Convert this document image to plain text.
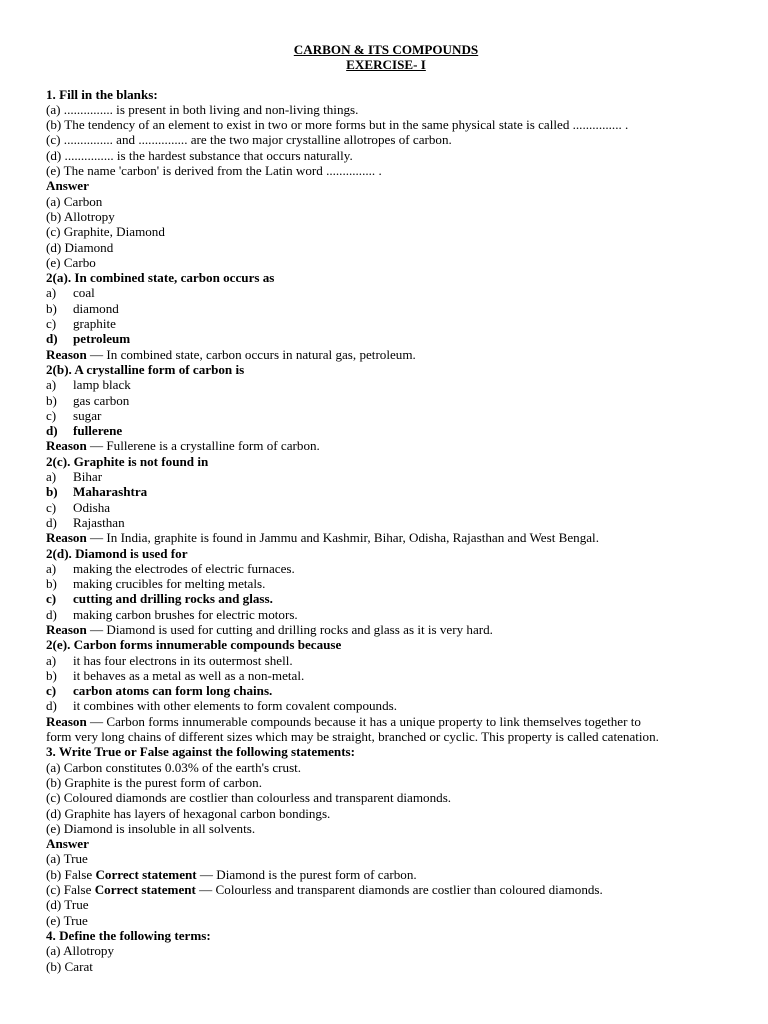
CARBON & ITS COMPOUNDS
EXERCISE- I
1. Fill in the blanks:
(a) ............... is present in both living and non-living things.
(b) The tendency of an element to exist in two or more forms but in the same physical state is called ............... .
(c) ............... and ............... are the two major crystalline allotropes of carbon.
(d) ............... is the hardest substance that occurs naturally.
(e) The name 'carbon' is derived from the Latin word ............... .
Answer
(a) Carbon
(b) Allotropy
(c) Graphite, Diamond
(d) Diamond
(e) Carbo
2(a). In combined state, carbon occurs as
a) coal
b) diamond
c) graphite
d) petroleum
Reason — In combined state, carbon occurs in natural gas, petroleum.
2(b). A crystalline form of carbon is
a) lamp black
b) gas carbon
c) sugar
d) fullerene
Reason — Fullerene is a crystalline form of carbon.
2(c). Graphite is not found in
a) Bihar
b) Maharashtra
c) Odisha
d) Rajasthan
Reason — In India, graphite is found in Jammu and Kashmir, Bihar, Odisha, Rajasthan and West Bengal.
2(d). Diamond is used for
a) making the electrodes of electric furnaces.
b) making crucibles for melting metals.
c) cutting and drilling rocks and glass.
d) making carbon brushes for electric motors.
Reason — Diamond is used for cutting and drilling rocks and glass as it is very hard.
2(e). Carbon forms innumerable compounds because
a) it has four electrons in its outermost shell.
b) it behaves as a metal as well as a non-metal.
c) carbon atoms can form long chains.
d) it combines with other elements to form covalent compounds.
Reason — Carbon forms innumerable compounds because it has a unique property to link themselves together to
form very long chains of different sizes which may be straight, branched or cyclic. This property is called catenation.
3. Write True or False against the following statements:
(a) Carbon constitutes 0.03% of the earth's crust.
(b) Graphite is the purest form of carbon.
(c) Coloured diamonds are costlier than colourless and transparent diamonds.
(d) Graphite has layers of hexagonal carbon bondings.
(e) Diamond is insoluble in all solvents.
Answer
(a) True
(b) False Correct statement — Diamond is the purest form of carbon.
(c) False Correct statement — Colourless and transparent diamonds are costlier than coloured diamonds.
(d) True
(e) True
4. Define the following terms:
(a) Allotropy
(b) Carat
